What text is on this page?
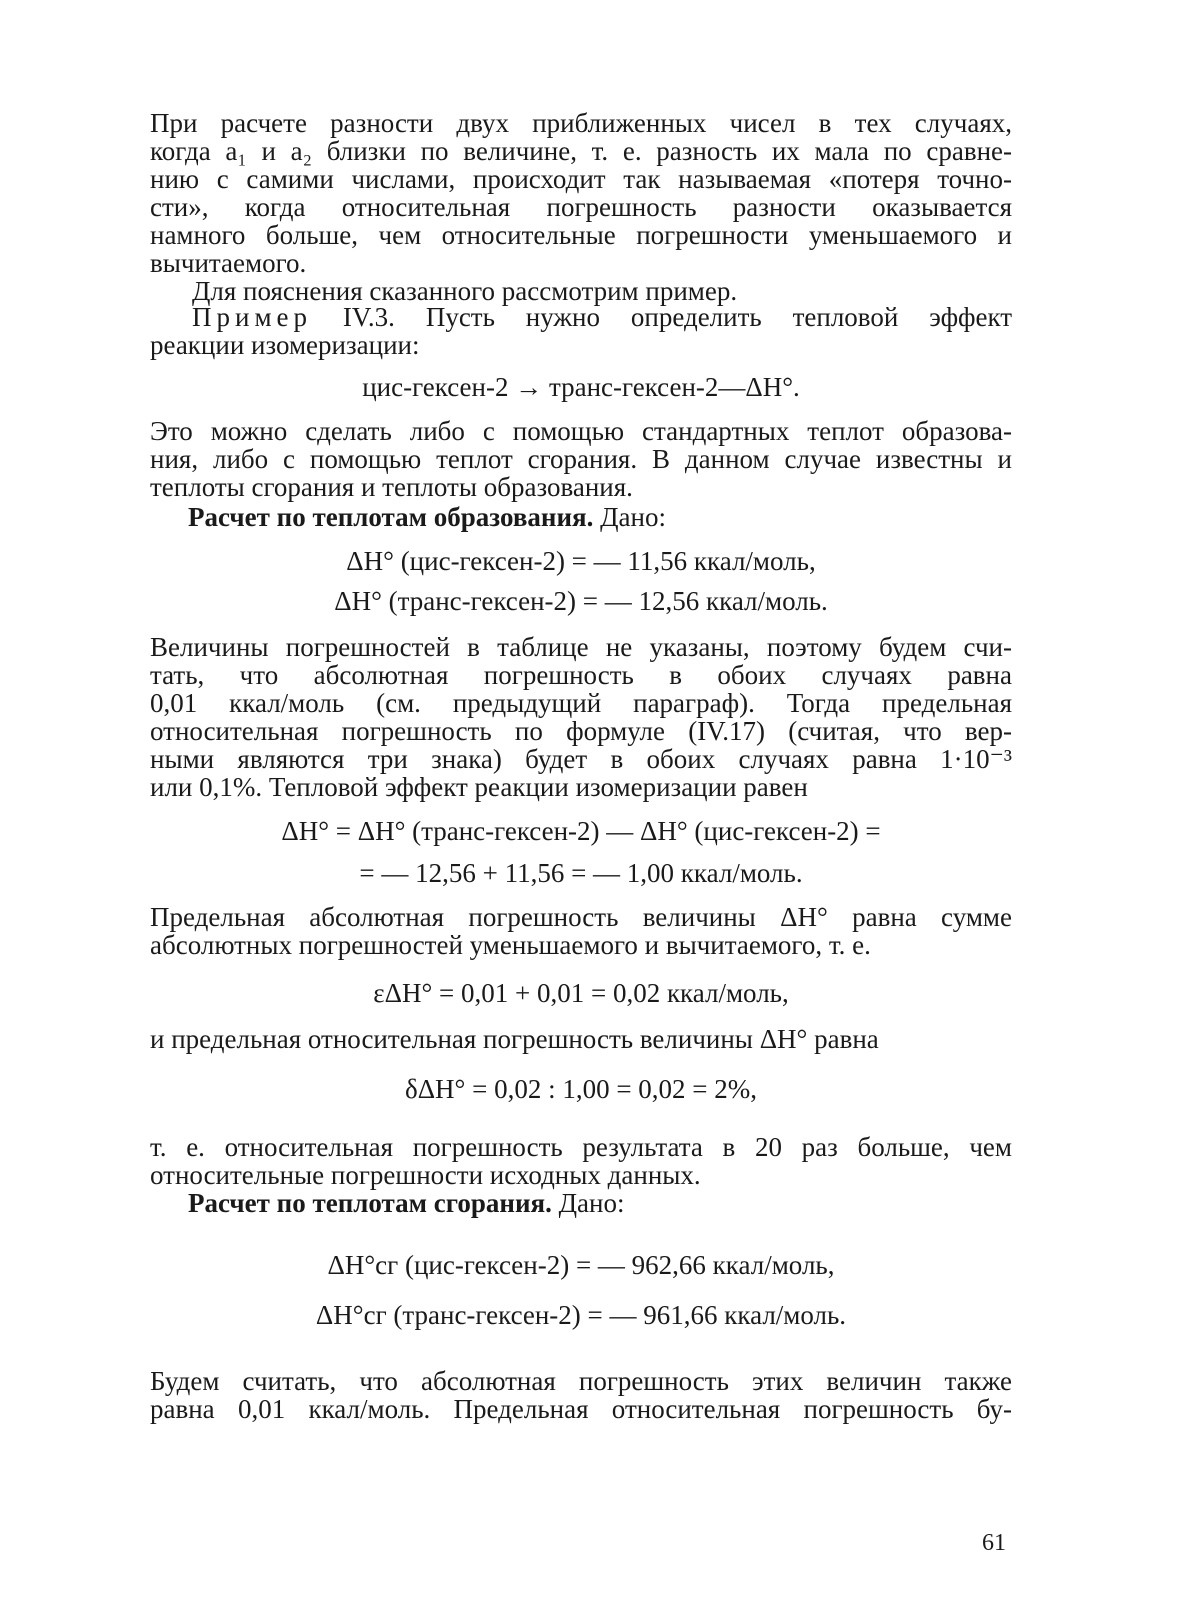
При расчете разности двух приближенных чисел в тех случаях,
когда a₁ и a₂ близки по величине, т. е. разность их мала по сравне-
нию с самими числами, происходит так называемая «потеря точно-
сти», когда относительная погрешность разности оказывается
намного больше, чем относительные погрешности уменьшаемого и
вычитаемого.
Для пояснения сказанного рассмотрим пример.
Пример IV.3. Пусть нужно определить тепловой эффект
реакции изомеризации:
цис-гексен-2 → транс-гексен-2—ΔH°.
Это можно сделать либо с помощью стандартных теплот образова-
ния, либо с помощью теплот сгорания. В данном случае известны и
теплоты сгорания и теплоты образования.
Расчет по теплотам образования. Дано:
ΔH° (цис-гексен-2) = — 11,56 ккал/моль,
ΔH° (транс-гексен-2) = — 12,56 ккал/моль.
Величины погрешностей в таблице не указаны, поэтому будем счи-
тать, что абсолютная погрешность в обоих случаях равна
0,01 ккал/моль (см. предыдущий параграф). Тогда предельная
относительная погрешность по формуле (IV.17) (считая, что вер-
ными являются три знака) будет в обоих случаях равна 1·10⁻³
или 0,1%. Тепловой эффект реакции изомеризации равен
ΔH° = ΔH° (транс-гексен-2) — ΔH° (цис-гексен-2) =
= — 12,56 + 11,56 = — 1,00 ккал/моль.
Предельная абсолютная погрешность величины ΔH° равна сумме
абсолютных погрешностей уменьшаемого и вычитаемого, т. е.
εΔH° = 0,01 + 0,01 = 0,02 ккал/моль,
и предельная относительная погрешность величины ΔH° равна
δΔH° = 0,02 : 1,00 = 0,02 = 2%,
т. е. относительная погрешность результата в 20 раз больше, чем
относительные погрешности исходных данных.
Расчет по теплотам сгорания. Дано:
ΔH°сг (цис-гексен-2) = — 962,66 ккал/моль,
ΔH°сг (транс-гексен-2) = — 961,66 ккал/моль.
Будем считать, что абсолютная погрешность этих величин также
равна 0,01 ккал/моль. Предельная относительная погрешность бу-
61
